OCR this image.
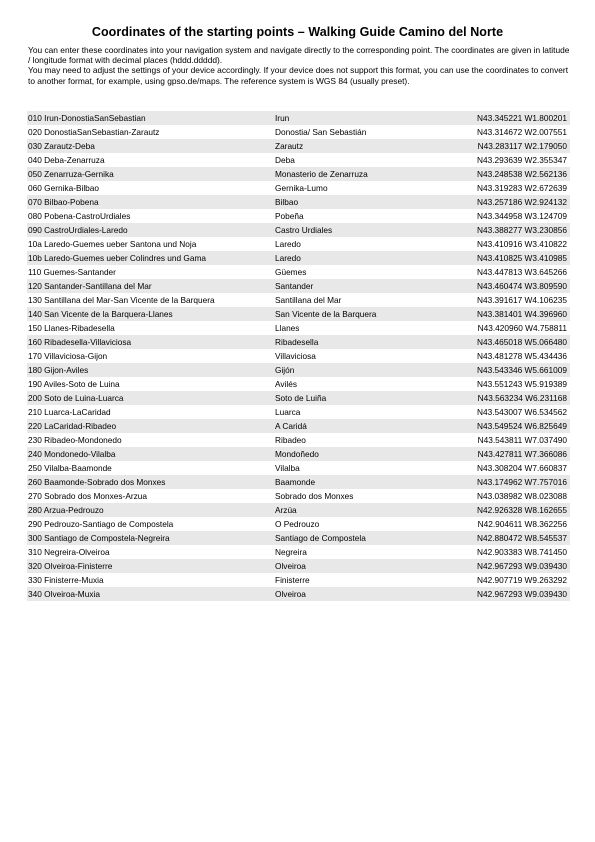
Coordinates of the starting points – Walking Guide Camino del Norte

You can enter these coordinates into your navigation system and navigate directly to the corresponding point. The coordinates are given in latitude / longitude format with decimal places (hddd.ddddd).

You may need to adjust the settings of your device accordingly. If your device does not support this format, you can use the coordinates to convert to another format, for example, using gpso.de/maps. The reference system is WGS 84 (usually preset).

010 Irun-DonostiaSanSebastian	Irun	N43.345221 W1.800201
020 DonostiaSanSebastian-Zarautz	Donostia/ San Sebastián	N43.314672 W2.007551
030 Zarautz-Deba	Zarautz	N43.283117 W2.179050
040 Deba-Zenarruza	Deba	N43.293639 W2.355347
050 Zenarruza-Gernika	Monasterio de Zenarruza	N43.248538 W2.562136
060 Gernika-Bilbao	Gernika-Lumo	N43.319283 W2.672639
070 Bilbao-Pobena	Bilbao	N43.257186 W2.924132
080 Pobena-CastroUrdiales	Pobeña	N43.344958 W3.124709
090 CastroUrdiales-Laredo	Castro Urdiales	N43.388277 W3.230856
10a Laredo-Guemes ueber Santona und Noja	Laredo	N43.410916 W3.410822
10b Laredo-Guemes ueber Colindres und Gama	Laredo	N43.410825 W3.410985
110 Guemes-Santander	Güemes	N43.447813 W3.645266
120 Santander-Santillana del Mar	Santander	N43.460474 W3.809590
130 Santillana del Mar-San Vicente de la Barquera	Santillana del Mar	N43.391617 W4.106235
140 San Vicente de la Barquera-Llanes	San Vicente de la Barquera	N43.381401 W4.396960
150 Llanes-Ribadesella	Llanes	N43.420960 W4.758811
160 Ribadesella-Villaviciosa	Ribadesella	N43.465018 W5.066480
170 Villaviciosa-Gijon	Villaviciosa	N43.481278 W5.434436
180 Gijon-Aviles	Gijón	N43.543346 W5.661009
190 Aviles-Soto de Luina	Avilés	N43.551243 W5.919389
200 Soto de Luina-Luarca	Soto de Luiña	N43.563234 W6.231168
210 Luarca-LaCaridad	Luarca	N43.543007 W6.534562
220 LaCaridad-Ribadeo	A Caridá	N43.549524 W6.825649
230 Ribadeo-Mondonedo	Ribadeo	N43.543811 W7.037490
240 Mondonedo-Vilalba	Mondoñedo	N43.427811 W7.366086
250 Vilalba-Baamonde	Vilalba	N43.308204 W7.660837
260 Baamonde-Sobrado dos Monxes	Baamonde	N43.174962 W7.757016
270 Sobrado dos Monxes-Arzua	Sobrado dos Monxes	N43.038982 W8.023088
280 Arzua-Pedrouzo	Arzúa	N42.926328 W8.162655
290 Pedrouzo-Santiago de Compostela	O Pedrouzo	N42.904611 W8.362256
300 Santiago de Compostela-Negreira	Santiago de Compostela	N42.880472 W8.545537
310 Negreira-Olveiroa	Negreira	N42.903383 W8.741450
320 Olveiroa-Finisterre	Olveiroa	N42.967293 W9.039430
330 Finisterre-Muxia	Finisterre	N42.907719 W9.263292
340 Olveiroa-Muxia	Olveiroa	N42.967293 W9.039430
